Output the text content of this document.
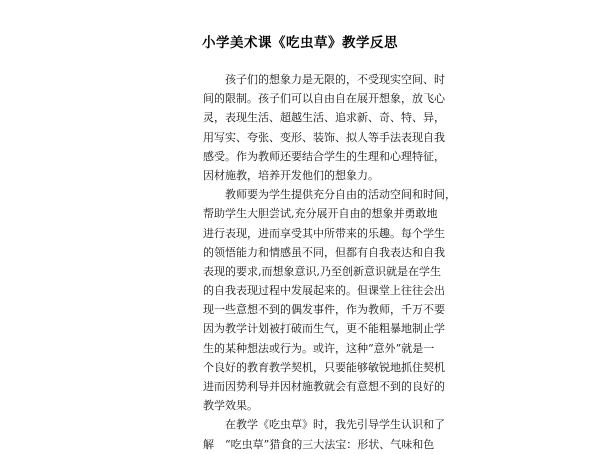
小学美术课《吃虫草》教学反思
孩子们的想象力是无限的，不受现实空间、时
间的限制。孩子们可以自由自在展开想象，放飞心
灵，表现生活、超越生活、追求新、奇、特、异，
用写实、夸张、变形、装饰、拟人等手法表现自我
感受。作为教师还要结合学生的生理和心理特征，
因材施教，培养开发他们的想象力。
教师要为学生提供充分自由的活动空间和时间，
帮助学生大胆尝试,充分展开自由的想象并勇敢地
进行表现，进而享受其中所带来的乐趣。每个学生
的领悟能力和情感虽不同，但都有自我表达和自我
表现的要求,而想象意识,乃至创新意识就是在学生
的自我表现过程中发展起来的。但课堂上往往会出
现一些意想不到的偶发事件，作为教师，千万不要
因为教学计划被打破而生气，更不能粗暴地制止学
生的某种想法或行为。或许，这种“意外”就是一
个良好的教育教学契机，只要能够敏锐地抓住契机
进而因势利导并因材施教就会有意想不到的良好的
教学效果。
在教学《吃虫草》时，我先引导学生认识和了
解　“吃虫草”猎食的三大法宝：形状、气味和色
